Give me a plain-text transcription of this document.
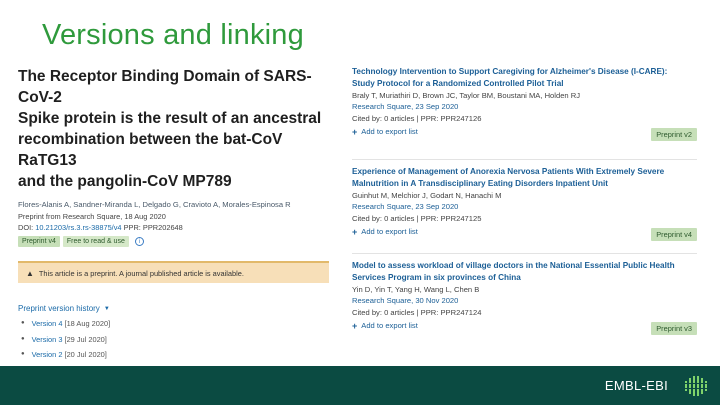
Versions and linking
The Receptor Binding Domain of SARS-CoV-2
Spike protein is the result of an ancestral
recombination between the bat-CoV RaTG13
and the pangolin-CoV MP789
Flores-Alanis A, Sandner-Miranda L, Delgado G, Cravioto A, Morales-Espinosa R
Preprint from Research Square, 18 Aug 2020
DOI: 10.21203/rs.3.rs-38875/v4 PPR: PPR202648
Preprint v4	Free to read & use	i
▲ This article is a preprint. A journal published article is available.
Preprint version history ▼
● Version 4 [18 Aug 2020]
● Version 3 [29 Jul 2020]
● Version 2 [20 Jul 2020]
Technology Intervention to Support Caregiving for Alzheimer's Disease (I-CARE):
Study Protocol for a Randomized Controlled Pilot Trial
Braly T, Muriathiri D, Brown JC, Taylor BM, Boustani MA, Holden RJ
Research Square, 23 Sep 2020
Cited by: 0 articles | PPR: PPR247126
+ Add to export list	Preprint v2
Experience of Management of Anorexia Nervosa Patients With Extremely Severe
Malnutrition in A Transdisciplinary Eating Disorders Inpatient Unit
Guinhut M, Melchior J, Godart N, Hanachi M
Research Square, 23 Sep 2020
Cited by: 0 articles | PPR: PPR247125
+ Add to export list	Preprint v4
Model to assess workload of village doctors in the National Essential Public Health
Services Program in six provinces of China
Yin D, Yin T, Yang H, Wang L, Chen B
Research Square, 30 Nov 2020
Cited by: 0 articles | PPR: PPR247124
+ Add to export list	Preprint v3
EMBL-EBI
